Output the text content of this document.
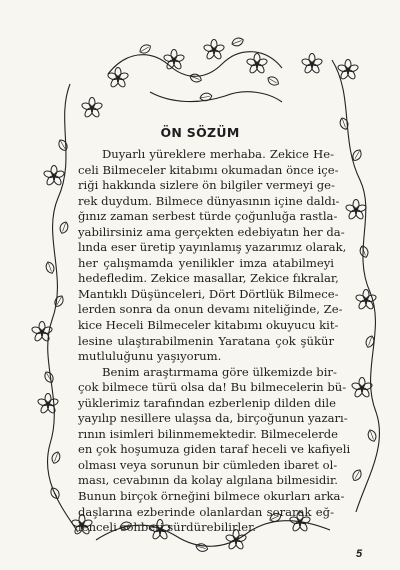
ÖN SÖZÜM
Duyarlı yüreklere merhaba. Zekice He-
celi Bilmeceler kitabımı okumadan önce içe-
riği hakkında sizlere ön bilgiler vermeyi ge-
rek duydum. Bilmece dünyasının içine daldı-
ğınız zaman serbest türde çoğunluğa rastla-
yabilirsiniz ama gerçekten edebiyatın her da-
lında eser üretip yayınlamış yazarımız olarak,
her çalışmamda yenilikler imza atabilmeyi
hedefledim. Zekice masallar, Zekice fıkralar,
Mantıklı Düşünceleri, Dört Dörtlük Bilmece-
lerden sonra da onun devamı niteliğinde, Ze-
kice Heceli Bilmeceler kitabımı okuyucu kit-
lesine ulaştırabilmenin Yaratana çok şükür
mutluluğunu yaşıyorum.
Benim araştırmama göre ülkemizde bir-
çok bilmece türü olsa da! Bu bilmecelerin bü-
yüklerimiz tarafından ezberlenip dilden dile
yayılıp nesillere ulaşsa da, birçoğunun yazarı-
rının isimleri bilinmemektedir. Bilmecelerde
en çok hoşumuza giden taraf heceli ve kafiyeli
olması veya sorunun bir cümleden ibaret ol-
ması, cevabının da kolay algılana bilmesidir.
Bunun birçok örneğini bilmece okurları arka-
daşlarına ezberinde olanlardan sorarak eğ-
lenceli sohbeti sürdürebilirler.
5
